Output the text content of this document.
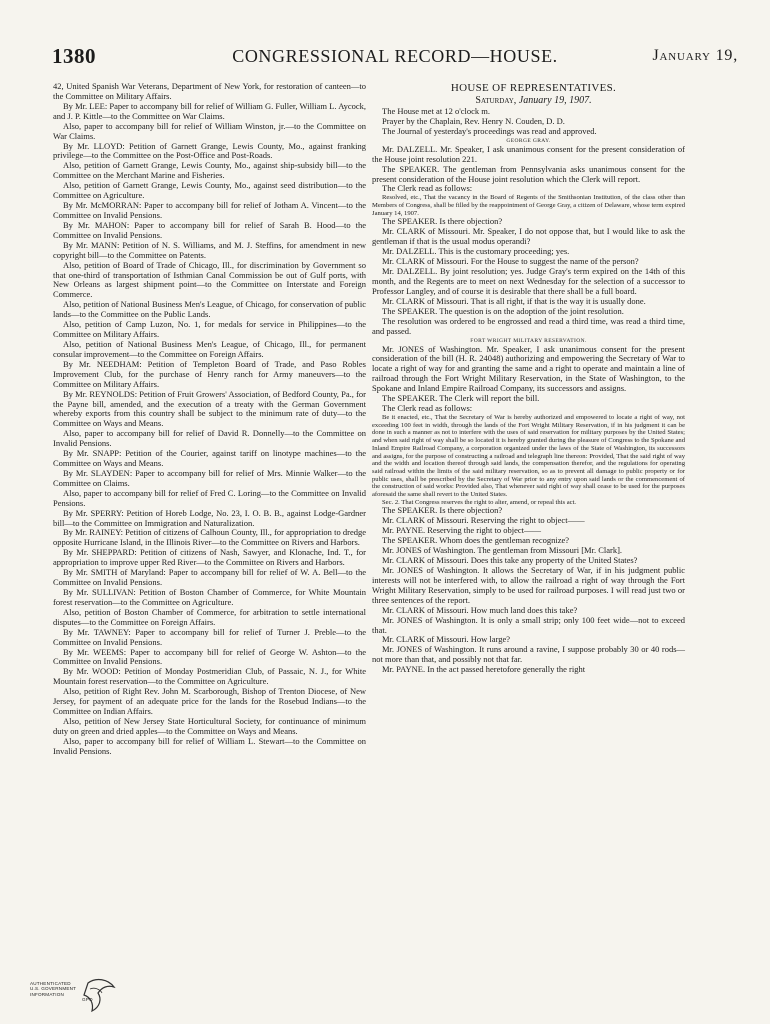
1380	CONGRESSIONAL RECORD—HOUSE.	January 19,

42, United Spanish War Veterans, Department of New York, for restoration of canteen—to the Committee on Military Affairs.

By Mr. LEE: Paper to accompany bill for relief of William G. Fuller, William L. Aycock, and J. P. Kittle—to the Committee on War Claims.

Also, paper to accompany bill for relief of William Winston, jr.—to the Committee on War Claims.

By Mr. LLOYD: Petition of Garnett Grange, Lewis County, Mo., against franking privilege—to the Committee on the Post-Office and Post-Roads.

Also, petition of Garnett Grange, Lewis County, Mo., against ship-subsidy bill—to the Committee on the Merchant Marine and Fisheries.

Also, petition of Garnett Grange, Lewis County, Mo., against seed distribution—to the Committee on Agriculture.

By Mr. McMORRAN: Paper to accompany bill for relief of Jotham A. Vincent—to the Committee on Invalid Pensions.

By Mr. MAHON: Paper to accompany bill for relief of Sarah B. Hood—to the Committee on Invalid Pensions.

By Mr. MANN: Petition of N. S. Williams, and M. J. Steffins, for amendment in new copyright bill—to the Committee on Patents.

Also, petition of Board of Trade of Chicago, Ill., for discrimination by Government so that one-third of transportation of Isthmian Canal Commission be out of Gulf ports, with New Orleans as largest shipment point—to the Committee on Interstate and Foreign Commerce.

Also, petition of National Business Men's League, of Chicago, for conservation of public lands—to the Committee on the Public Lands.

Also, petition of Camp Luzon, No. 1, for medals for service in Philippines—to the Committee on Military Affairs.

Also, petition of National Business Men's League, of Chicago, Ill., for permanent consular improvement—to the Committee on Foreign Affairs.

By Mr. NEEDHAM: Petition of Templeton Board of Trade, and Paso Robles Improvement Club, for the purchase of Henry ranch for Army maneuvers—to the Committee on Military Affairs.

By Mr. REYNOLDS: Petition of Fruit Growers' Association, of Bedford County, Pa., for the Payne bill, amended, and the execution of a treaty with the German Government whereby exports from this country shall be subject to the minimum rate of duty—to the Committee on Ways and Means.

Also, paper to accompany bill for relief of David R. Donnelly—to the Committee on Invalid Pensions.

By Mr. SNAPP: Petition of the Courier, against tariff on linotype machines—to the Committee on Ways and Means.

By Mr. SLAYDEN: Paper to accompany bill for relief of Mrs. Minnie Walker—to the Committee on Claims.

Also, paper to accompany bill for relief of Fred C. Loring—to the Committee on Invalid Pensions.

By Mr. SPERRY: Petition of Horeb Lodge, No. 23, I. O. B. B., against Lodge-Gardner bill—to the Committee on Immigration and Naturalization.

By Mr. RAINEY: Petition of citizens of Calhoun County, Ill., for appropriation to dredge opposite Hurricane Island, in the Illinois River—to the Committee on Rivers and Harbors.

By Mr. SHEPPARD: Petition of citizens of Nash, Sawyer, and Klonache, Ind. T., for appropriation to improve upper Red River—to the Committee on Rivers and Harbors.

By Mr. SMITH of Maryland: Paper to accompany bill for relief of W. A. Bell—to the Committee on Invalid Pensions.

By Mr. SULLIVAN: Petition of Boston Chamber of Commerce, for White Mountain forest reservation—to the Committee on Agriculture.

Also, petition of Boston Chamber of Commerce, for arbitration to settle international disputes—to the Committee on Foreign Affairs.

By Mr. TAWNEY: Paper to accompany bill for relief of Turner J. Preble—to the Committee on Invalid Pensions.

By Mr. WEEMS: Paper to accompany bill for relief of George W. Ashton—to the Committee on Invalid Pensions.

By Mr. WOOD: Petition of Monday Postmeridian Club, of Passaic, N. J., for White Mountain forest reservation—to the Committee on Agriculture.

Also, petition of Right Rev. John M. Scarborough, Bishop of Trenton Diocese, of New Jersey, for payment of an adequate price for the lands for the Rosebud Indians—to the Committee on Indian Affairs.

Also, petition of New Jersey State Horticultural Society, for continuance of minimum duty on green and dried apples—to the Committee on Ways and Means.

Also, paper to accompany bill for relief of William L. Stewart—to the Committee on Invalid Pensions.

HOUSE OF REPRESENTATIVES.

Saturday, January 19, 1907.

The House met at 12 o'clock m.

Prayer by the Chaplain, Rev. Henry N. Couden, D. D.

The Journal of yesterday's proceedings was read and approved.

GEORGE GRAY.

Mr. DALZELL. Mr. Speaker, I ask unanimous consent for the present consideration of the House joint resolution 221.

The SPEAKER. The gentleman from Pennsylvania asks unanimous consent for the present consideration of the House joint resolution which the Clerk will report.

The Clerk read as follows:

Resolved, etc., That the vacancy in the Board of Regents of the Smithsonian Institution, of the class other than Members of Congress, shall be filled by the reappointment of George Gray, a citizen of Delaware, whose term expired January 14, 1907.

The SPEAKER. Is there objection?

Mr. CLARK of Missouri. Mr. Speaker, I do not oppose that, but I would like to ask the gentleman if that is the usual modus operandi?

Mr. DALZELL. This is the customary proceeding; yes.

Mr. CLARK of Missouri. For the House to suggest the name of the person?

Mr. DALZELL. By joint resolution; yes. Judge Gray's term expired on the 14th of this month, and the Regents are to meet on next Wednesday for the selection of a successor to Professor Langley, and of course it is desirable that there shall be a full board.

Mr. CLARK of Missouri. That is all right, if that is the way it is usually done.

The SPEAKER. The question is on the adoption of the joint resolution.

The resolution was ordered to be engrossed and read a third time, was read a third time, and passed.

FORT WRIGHT MILITARY RESERVATION.

Mr. JONES of Washington. Mr. Speaker, I ask unanimous consent for the present consideration of the bill (H. R. 24048) authorizing and empowering the Secretary of War to locate a right of way for and granting the same and a right to operate and maintain a line of railroad through the Fort Wright Military Reservation, in the State of Washington, to the Spokane and Inland Empire Railroad Company, its successors and assigns.

The SPEAKER. The Clerk will report the bill.

The Clerk read as follows:

Be it enacted, etc., That the Secretary of War is hereby authorized and empowered to locate a right of way, not exceeding 100 feet in width, through the lands of the Fort Wright Military Reservation, if in his judgment it can be done in such a manner as not to interfere with the uses of said reservation for military purposes by the United States; and when said right of way shall be so located it is hereby granted during the pleasure of Congress to the Spokane and Inland Empire Railroad Company, a corporation organized under the laws of the State of Washington, its successors and assigns, for the purpose of constructing a railroad and telegraph line thereon: Provided, That the said right of way and the width and location thereof through said lands, the compensation therefor, and the regulations for operating said railroad within the limits of the said military reservation, so as to prevent all damage to public property or for public uses, shall be prescribed by the Secretary of War prior to any entry upon said lands or the commencement of the construction of said works: Provided also, That whenever said right of way shall cease to be used for the purposes aforesaid the same shall revert to the United States.

Sec. 2. That Congress reserves the right to alter, amend, or repeal this act.

The SPEAKER. Is there objection?

Mr. CLARK of Missouri. Reserving the right to object——

Mr. PAYNE. Reserving the right to object——

The SPEAKER. Whom does the gentleman recognize?

Mr. JONES of Washington. The gentleman from Missouri [Mr. Clark].

Mr. CLARK of Missouri. Does this take any property of the United States?

Mr. JONES of Washington. It allows the Secretary of War, if in his judgment public interests will not be interfered with, to allow the railroad a right of way through the Fort Wright Military Reservation, simply to be used for railroad purposes. I will read just two or three sentences of the report.

Mr. CLARK of Missouri. How much land does this take?

Mr. JONES of Washington. It is only a small strip; only 100 feet wide—not to exceed that.

Mr. CLARK of Missouri. How large?

Mr. JONES of Washington. It runs around a ravine, I suppose probably 30 or 40 rods—not more than that, and possibly not that far.

Mr. PAYNE. In the act passed heretofore generally the right

AUTHENTICATED
U.S. GOVERNMENT
INFORMATION
GPO
